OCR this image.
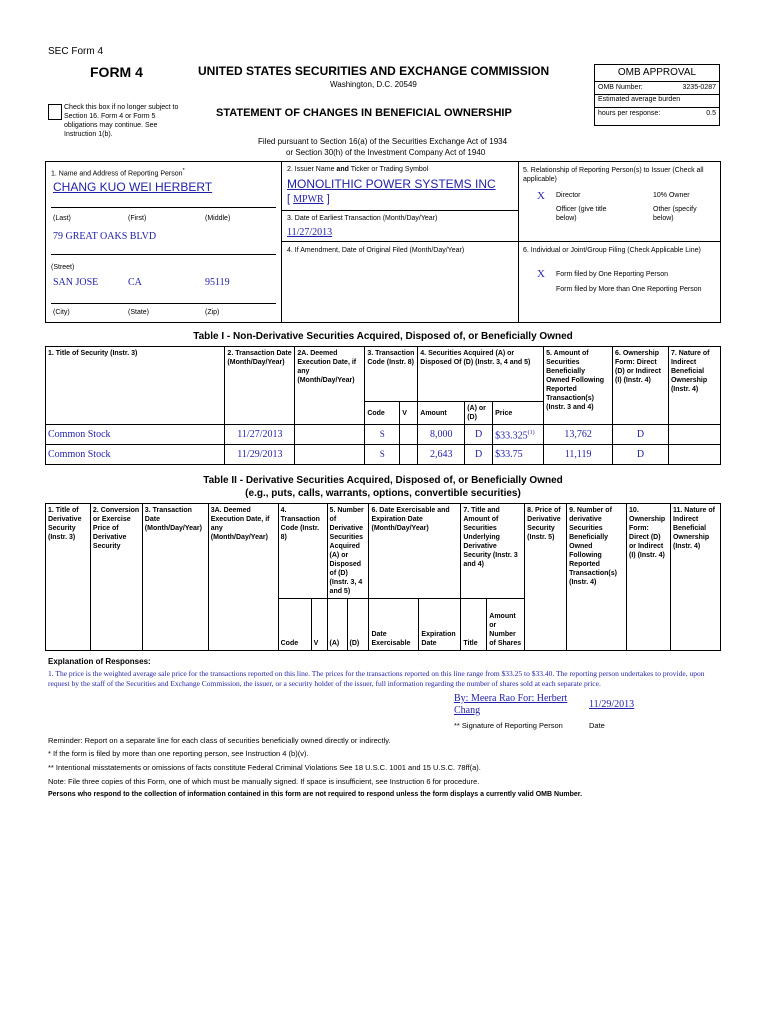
SEC Form 4
FORM 4	UNITED STATES SECURITIES AND EXCHANGE COMMISSION
Washington, D.C. 20549
Check this box if no longer subject to Section 16. Form 4 or Form 5 obligations may continue. See Instruction 1(b).
STATEMENT OF CHANGES IN BENEFICIAL OWNERSHIP
Filed pursuant to Section 16(a) of the Securities Exchange Act of 1934
or Section 30(h) of the Investment Company Act of 1940
OMB APPROVAL
OMB Number:	3235-0287
Estimated average burden
hours per response:	0.5
1. Name and Address of Reporting Person*
CHANG KUO WEI HERBERT
(Last)	(First)	(Middle)
79 GREAT OAKS BLVD
(Street)
SAN JOSE	CA	95119
(City)	(State)	(Zip)
2. Issuer Name and Ticker or Trading Symbol
MONOLITHIC POWER SYSTEMS INC
[ MPWR ]
3. Date of Earliest Transaction (Month/Day/Year)
11/27/2013
4. If Amendment, Date of Original Filed (Month/Day/Year)
5. Relationship of Reporting Person(s) to Issuer (Check all applicable)
X Director	10% Owner
Officer (give title below)
Other (specify below)
6. Individual or Joint/Group Filing (Check Applicable Line)
X Form filed by One Reporting Person
Form filed by More than One Reporting Person
Table I - Non-Derivative Securities Acquired, Disposed of, or Beneficially Owned
1. Title of Security (Instr. 3)	2. Transaction Date (Month/Day/Year)	2A. Deemed Execution Date, if any (Month/Day/Year)	3. Transaction Code (Instr. 8)		4. Securities Acquired (A) or Disposed Of (D) (Instr. 3, 4 and 5)			5. Amount of Securities Beneficially Owned Following Reported Transaction(s) (Instr. 3 and 4)	6. Ownership Form: Direct (D) or Indirect (I) (Instr. 4)	7. Nature of Indirect Beneficial Ownership (Instr. 4)
			Code	V	Amount	(A) or (D)	Price			
Common Stock	11/27/2013		S		8,000	D	$33.325$^{(1)}$	13,762	D	
Common Stock	11/29/2013		S		2,643	D	$33.75	11,119	D	
Table II - Derivative Securities Acquired, Disposed of, or Beneficially Owned
(e.g., puts, calls, warrants, options, convertible securities)
1. Title of Derivative Security (Instr. 3)	2. Conversion or Exercise Price of Derivative Security	3. Transaction Date (Month/Day/Year)	3A. Deemed Execution Date, if any (Month/Day/Year)	4. Transaction Code (Instr. 8)		5. Number of Derivative Securities Acquired (A) or Disposed of (D) (Instr. 3, 4 and 5)		6. Date Exercisable and Expiration Date (Month/Day/Year)		7. Title and Amount of Securities Underlying Derivative Security (Instr. 3 and 4)		8. Price of Derivative Security (Instr. 5)	9. Number of derivative Securities Beneficially Owned Following Reported Transaction(s) (Instr. 4)	10. Ownership Form: Direct (D) or Indirect (I) (Instr. 4)	11. Nature of Indirect Beneficial Ownership (Instr. 4)
				Code	V	(A)	(D)	Date Exercisable	Expiration Date	Title	Amount or Number of Shares				
Explanation of Responses:
1. The price is the weighted average sale price for the transactions reported on this line. The prices for the transactions reported on this line range from $33.25 to $33.40. The reporting person undertakes to provide, upon request by the staff of the Securities and Exchange Commission, the issuer, or a security holder of the issuer, full information regarding the number of shares sold at each separate price.
By: Meera Rao For: Herbert Chang
11/29/2013
** Signature of Reporting Person	Date
Reminder: Report on a separate line for each class of securities beneficially owned directly or indirectly.
* If the form is filed by more than one reporting person, see Instruction 4 (b)(v).
** Intentional misstatements or omissions of facts constitute Federal Criminal Violations See 18 U.S.C. 1001 and 15 U.S.C. 78ff(a).
Note: File three copies of this Form, one of which must be manually signed. If space is insufficient, see Instruction 6 for procedure.
Persons who respond to the collection of information contained in this form are not required to respond unless the form displays a currently valid OMB Number.
